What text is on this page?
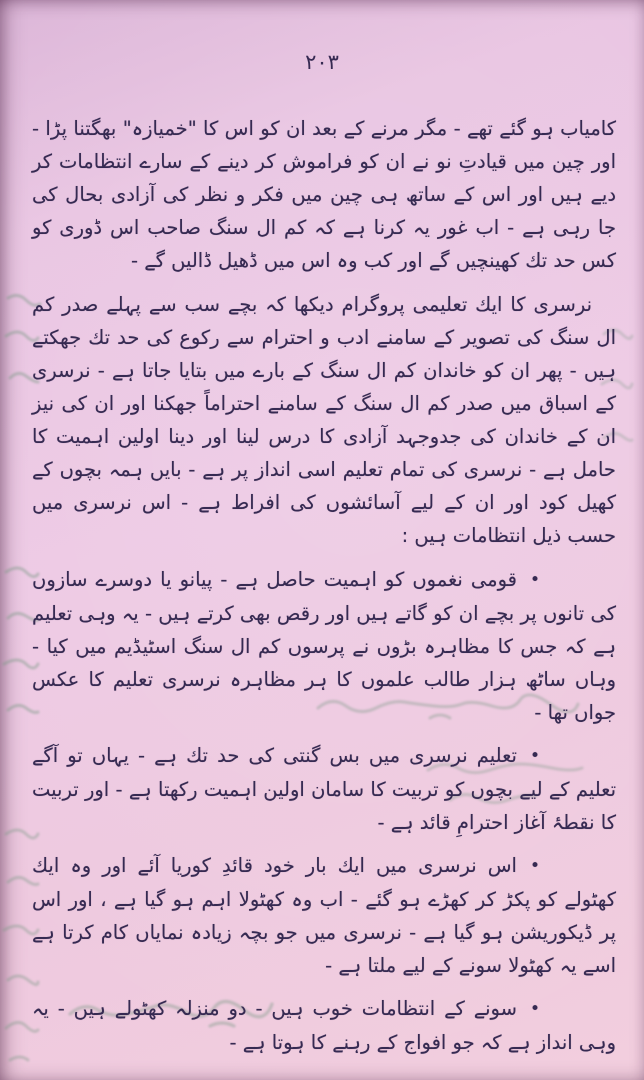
۲۰۳

كامياب ہو گئے تھے - مگر مرنے كے بعد ان كو اس كا "خميازہ" بھگتنا پڑا - اور چين ميں قيادتِ نو نے ان كو فراموش كر دينے كے سارے انتظامات كر ديے ہيں اور اس كے ساتھ ہی چين ميں فكر و نظر كی آزادی بحال كی جا رہی ہے - اب غور يہ كرنا ہے كہ كم ال سنگ صاحب اس ڈوری كو كس حد تك كھينچيں گے اور كب وہ اس ميں ڈھيل ڈاليں گے -

نرسری كا ايك تعليمی پروگرام ديكھا كہ بچے سب سے پہلے صدر كم ال سنگ كی تصوير كے سامنے ادب و احترام سے ركوع كی حد تك جھكتے ہيں - پھر ان كو خاندان كم ال سنگ كے بارے ميں بتايا جاتا ہے - نرسری كے اسباق ميں صدر كم ال سنگ كے سامنے احتراماً جھكنا اور ان كی نيز ان كے خاندان كی جدوجہد آزادی كا درس لينا اور دينا اولين اہميت كا حامل ہے - نرسری كی تمام تعليم اسی انداز پر ہے - بايں ہمہ بچوں كے كھيل كود اور ان كے ليے آسائشوں كی افراط ہے - اس نرسری ميں حسب ذيل انتظامات ہيں :

•قومی نغموں كو اہميت حاصل ہے - پيانو يا دوسرے سازوں كی تانوں پر بچے ان كو گاتے ہيں اور رقص بھی كرتے ہيں - يہ وہی تعليم ہے كہ جس كا مظاہرہ بڑوں نے پرسوں كم ال سنگ اسٹيڈيم ميں كيا - وہاں ساٹھ ہزار طالب علموں كا ہر مظاہرہ نرسری تعليم كا عكس جواں تھا -

•تعليم نرسری ميں بس گنتی كی حد تك ہے - يہاں تو آگے تعليم كے ليے بچوں كو تربيت كا سامان اولين اہميت ركھتا ہے - اور تربيت كا نقطۂ آغاز احترامِ قائد ہے -

•اس نرسری ميں ايك بار خود قائدِ كوريا آئے اور وہ ايك كھٹولے كو پكڑ كر كھڑے ہو گئے - اب وہ كھٹولا اہم ہو گيا ہے ، اور اس پر ڈيكوريشن ہو گيا ہے - نرسری ميں جو بچہ زيادہ نماياں كام كرتا ہے اسے يہ كھٹولا سونے كے ليے ملتا ہے -

•سونے كے انتظامات خوب ہيں - دو منزلہ كھٹولے ہيں - يہ وہی انداز ہے كہ جو افواج كے رہنے كا ہوتا ہے -
